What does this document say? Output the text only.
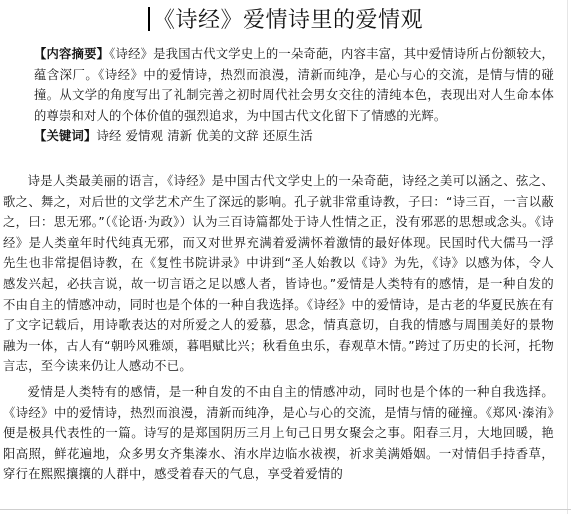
《诗经》爱情诗里的爱情观
【内容摘要】《诗经》是我国古代文学史上的一朵奇葩，内容丰富，其中爱情诗所占份额较大，蕴含深厂。《诗经》中的爱情诗，热烈而浪漫，清新而纯净，是心与心的交流，是情与情的碰撞。从文学的角度写出了礼制完善之初时周代社会男女交往的清纯本色，表现出对人生命本体的尊崇和对人的个体价值的强烈追求，为中国古代文化留下了情感的光辉。
【关键词】诗经 爱情观 清新 优美的文辞 还原生活

诗是人类最美丽的语言，《诗经》是中国古代文学史上的一朵奇葩，诗经之美可以涵之、弦之、歌之、舞之，对后世的文学艺术产生了深远的影响。孔子就非常重诗教，子曰：“诗三百，一言以蔽之，曰：思无邪。”（《论语·为政》）认为三百诗篇都处于诗人性情之正，没有邪恶的思想或念头。《诗经》是人类童年时代纯真无邪，而又对世界充满着爱满怀着激情的最好体现。民国时代大儒马一浮先生也非常提倡诗教，在《复性书院讲录》中讲到“圣人始教以《诗》为先，《诗》以感为体，令人感发兴起，必扶言说，故一切言语之足以感人者，皆诗也。”爱情是人类特有的感情，是一种自发的不由自主的情感冲动，同时也是个体的一种自我选择。《诗经》中的爱情诗，是古老的华夏民族在有了文字记载后，用诗歌表达的对所爱之人的爱慕，思念，情真意切，自我的情感与周围美好的景物融为一体，古人有“朝吟风雅颂，暮唱赋比兴；秋看鱼虫乐，春观草木情。”跨过了历史的长河，托物言志，至今读来仍让人感动不已。

爱情是人类特有的感情，是一种自发的不由自主的情感冲动，同时也是个体的一种自我选择。《诗经》中的爱情诗，热烈而浪漫，清新而纯净，是心与心的交流，是情与情的碰撞。《郑风·溱洧》便是极具代表性的一篇。诗写的是郑国阴历三月上旬己日男女聚会之事。阳春三月，大地回暖，艳阳高照，鲜花遍地，众多男女齐集溱水、洧水岸边临水祓禊，祈求美满婚姻。一对情侣手持香草，穿行在熙熙攘攘的人群中，感受着春天的气息，享受着爱情的
